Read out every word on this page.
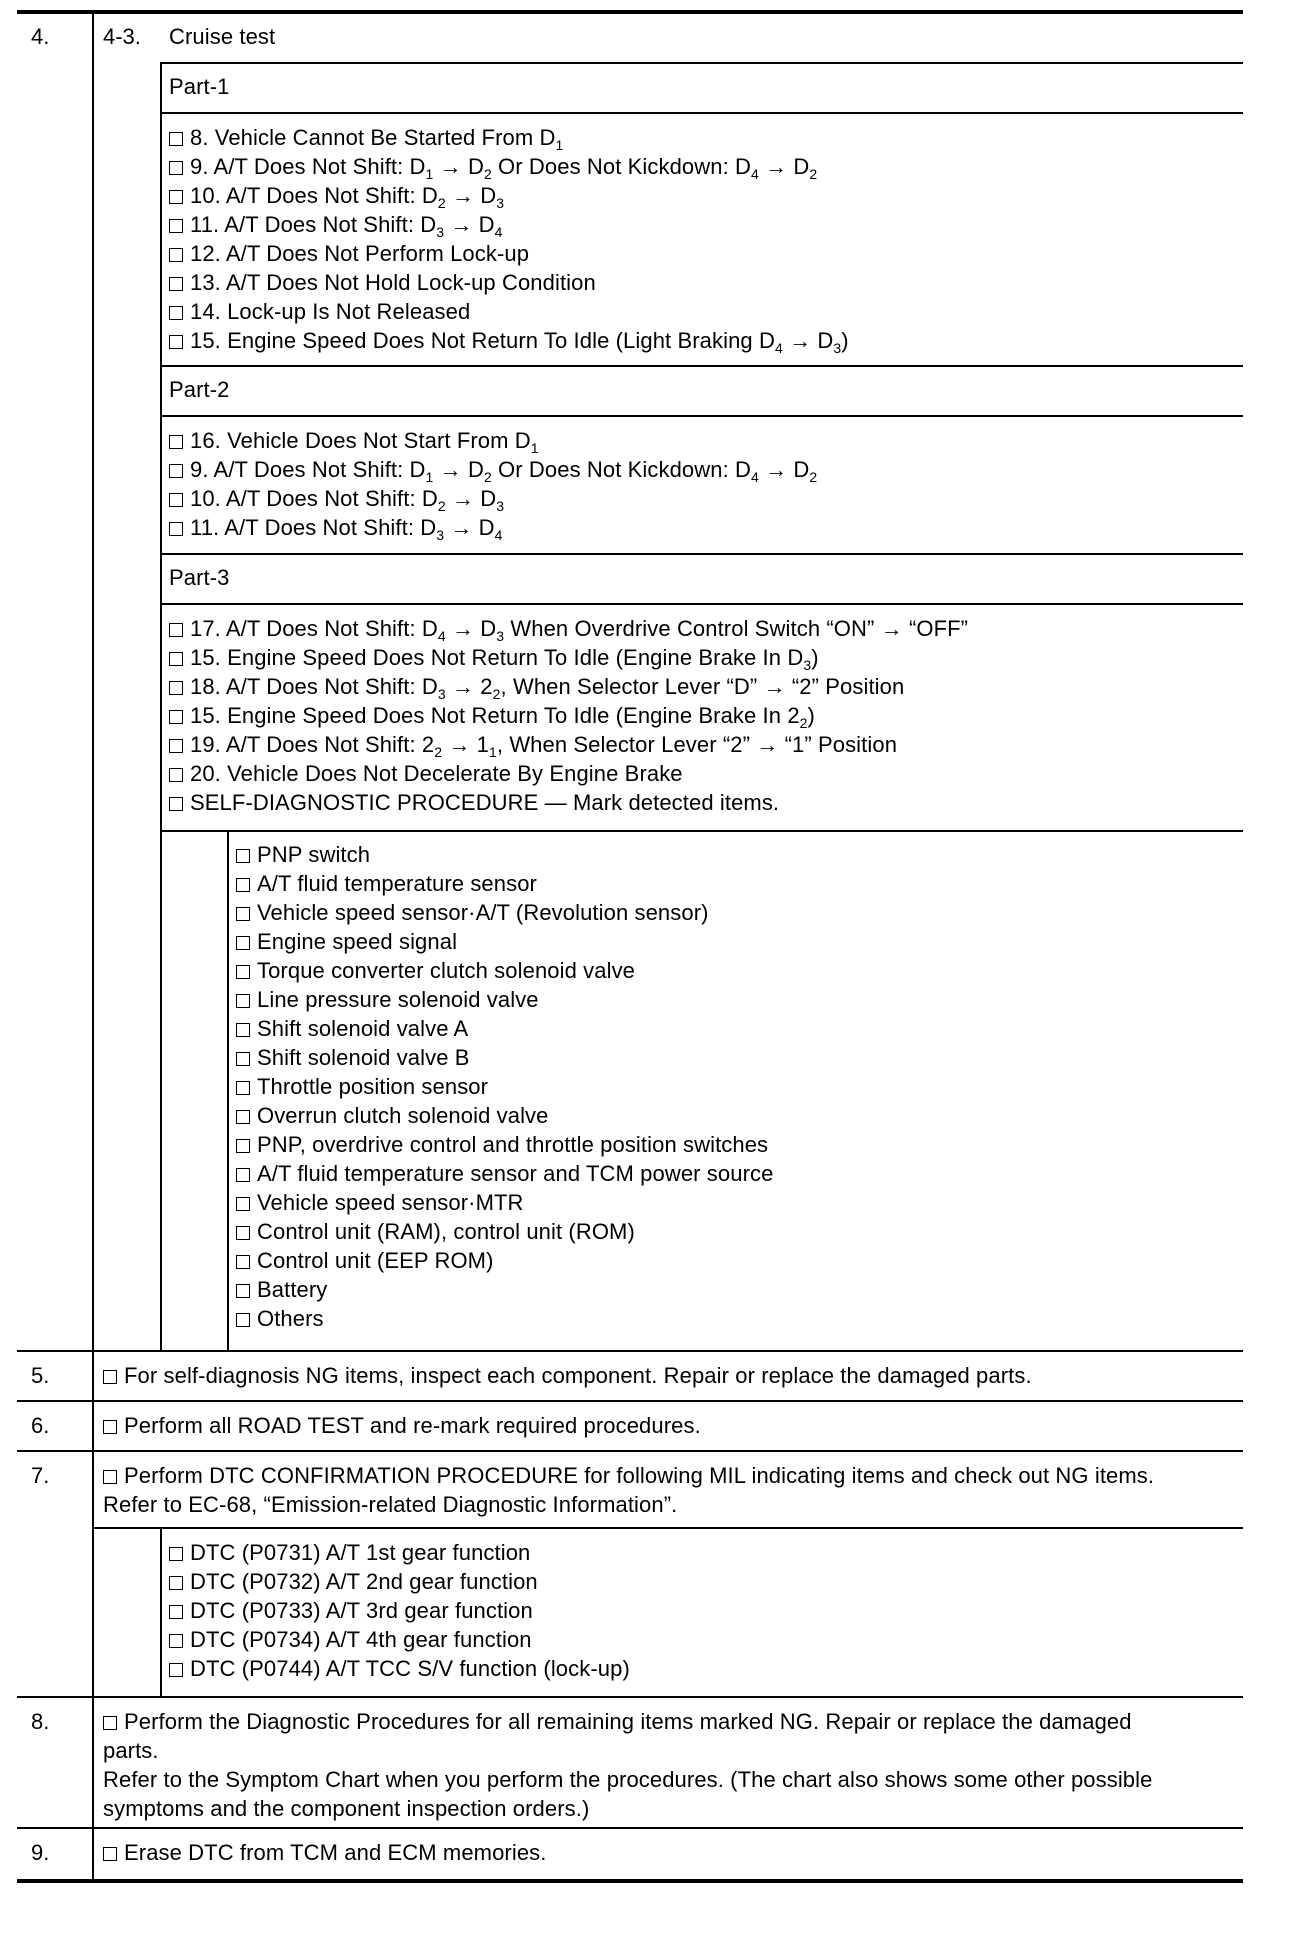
4. 4-3. Cruise test
Part-1
8. Vehicle Cannot Be Started From $D_1$
9. A/T Does Not Shift: $D_1 \to D_2$ Or Does Not Kickdown: $D_4 \to D_2$
10. A/T Does Not Shift: $D_2 \to D_3$
11. A/T Does Not Shift: $D_3 \to D_4$
12. A/T Does Not Perform Lock-up
13. A/T Does Not Hold Lock-up Condition
14. Lock-up Is Not Released
15. Engine Speed Does Not Return To Idle (Light Braking $D_4 \to D_3$)
Part-2
16. Vehicle Does Not Start From $D_1$
9. A/T Does Not Shift: $D_1 \to D_2$ Or Does Not Kickdown: $D_4 \to D_2$
10. A/T Does Not Shift: $D_2 \to D_3$
11. A/T Does Not Shift: $D_3 \to D_4$
Part-3
17. A/T Does Not Shift: $D_4 \to D_3$ When Overdrive Control Switch “ON” → “OFF”
15. Engine Speed Does Not Return To Idle (Engine Brake In $D_3$)
18. A/T Does Not Shift: $D_3 \to 2_2$, When Selector Lever “D” → “2” Position
15. Engine Speed Does Not Return To Idle (Engine Brake In $2_2$)
19. A/T Does Not Shift: $2_2 \to 1_1$, When Selector Lever “2” → “1” Position
20. Vehicle Does Not Decelerate By Engine Brake
SELF-DIAGNOSTIC PROCEDURE — Mark detected items.
PNP switch
A/T fluid temperature sensor
Vehicle speed sensor·A/T (Revolution sensor)
Engine speed signal
Torque converter clutch solenoid valve
Line pressure solenoid valve
Shift solenoid valve A
Shift solenoid valve B
Throttle position sensor
Overrun clutch solenoid valve
PNP, overdrive control and throttle position switches
A/T fluid temperature sensor and TCM power source
Vehicle speed sensor·MTR
Control unit (RAM), control unit (ROM)
Control unit (EEP ROM)
Battery
Others
5.	For self-diagnosis NG items, inspect each component. Repair or replace the damaged parts.
6.	Perform all ROAD TEST and re-mark required procedures.
7.	Perform DTC CONFIRMATION PROCEDURE for following MIL indicating items and check out NG items.
Refer to EC-68, “Emission-related Diagnostic Information”.
DTC (P0731) A/T 1st gear function
DTC (P0732) A/T 2nd gear function
DTC (P0733) A/T 3rd gear function
DTC (P0734) A/T 4th gear function
DTC (P0744) A/T TCC S/V function (lock-up)
8.	Perform the Diagnostic Procedures for all remaining items marked NG. Repair or replace the damaged
parts.
Refer to the Symptom Chart when you perform the procedures. (The chart also shows some other possible
symptoms and the component inspection orders.)
9.	Erase DTC from TCM and ECM memories.
